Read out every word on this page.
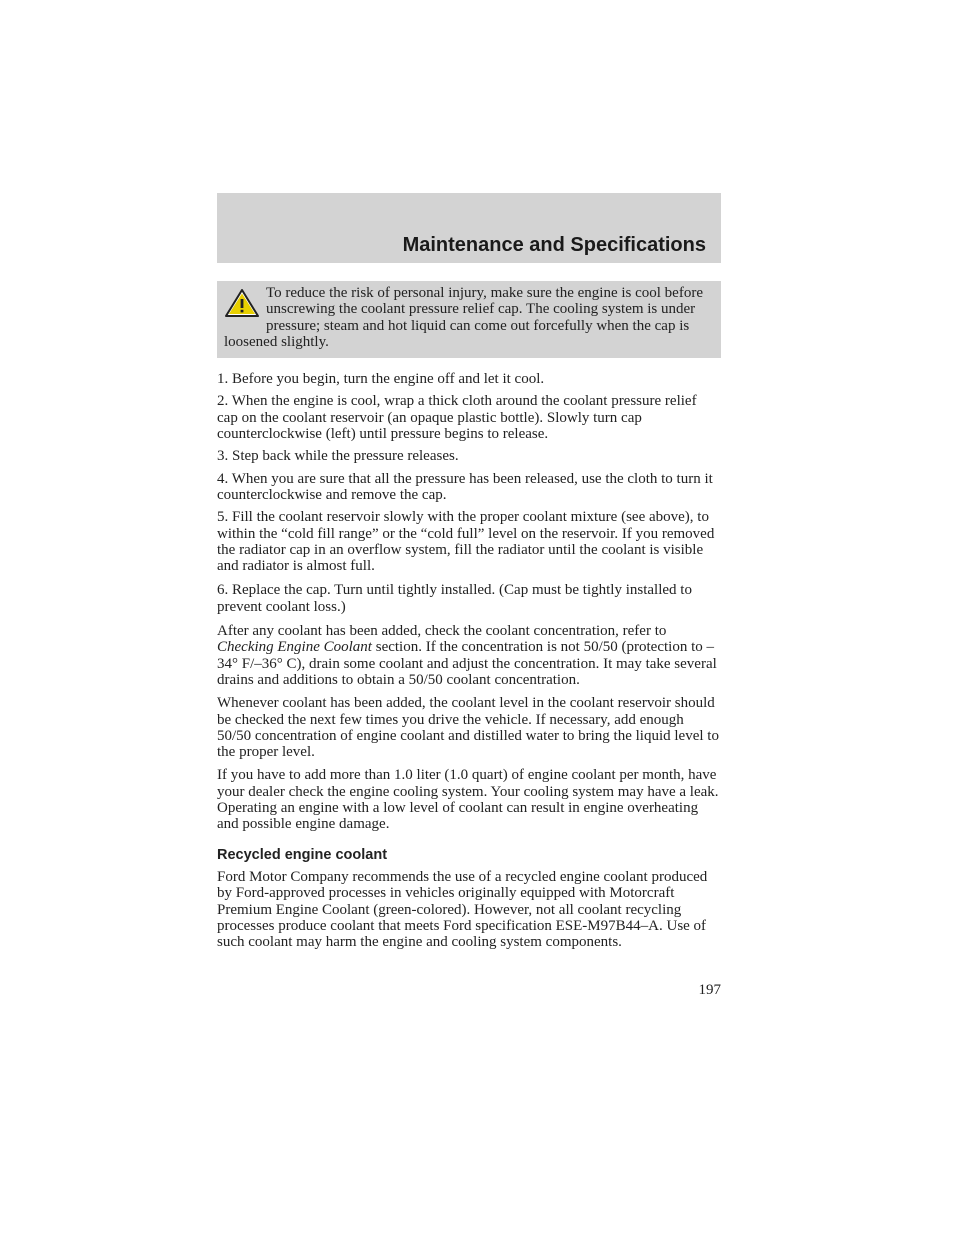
Maintenance and Specifications
To reduce the risk of personal injury, make sure the engine is cool before unscrewing the coolant pressure relief cap. The cooling system is under pressure; steam and hot liquid can come out forcefully when the cap is loosened slightly.

1. Before you begin, turn the engine off and let it cool.

2. When the engine is cool, wrap a thick cloth around the coolant pressure relief cap on the coolant reservoir (an opaque plastic bottle). Slowly turn cap counterclockwise (left) until pressure begins to release.

3. Step back while the pressure releases.

4. When you are sure that all the pressure has been released, use the cloth to turn it counterclockwise and remove the cap.

5. Fill the coolant reservoir slowly with the proper coolant mixture (see above), to within the “cold fill range” or the “cold full” level on the reservoir. If you removed the radiator cap in an overflow system, fill the radiator until the coolant is visible and radiator is almost full.

6. Replace the cap. Turn until tightly installed. (Cap must be tightly installed to prevent coolant loss.)

After any coolant has been added, check the coolant concentration, refer to Checking Engine Coolant section. If the concentration is not 50/50 (protection to –34° F/–36° C), drain some coolant and adjust the concentration. It may take several drains and additions to obtain a 50/50 coolant concentration.

Whenever coolant has been added, the coolant level in the coolant reservoir should be checked the next few times you drive the vehicle. If necessary, add enough 50/50 concentration of engine coolant and distilled water to bring the liquid level to the proper level.

If you have to add more than 1.0 liter (1.0 quart) of engine coolant per month, have your dealer check the engine cooling system. Your cooling system may have a leak. Operating an engine with a low level of coolant can result in engine overheating and possible engine damage.

Recycled engine coolant

Ford Motor Company recommends the use of a recycled engine coolant produced by Ford-approved processes in vehicles originally equipped with Motorcraft Premium Engine Coolant (green-colored). However, not all coolant recycling processes produce coolant that meets Ford specification ESE-M97B44–A. Use of such coolant may harm the engine and cooling system components.

197
